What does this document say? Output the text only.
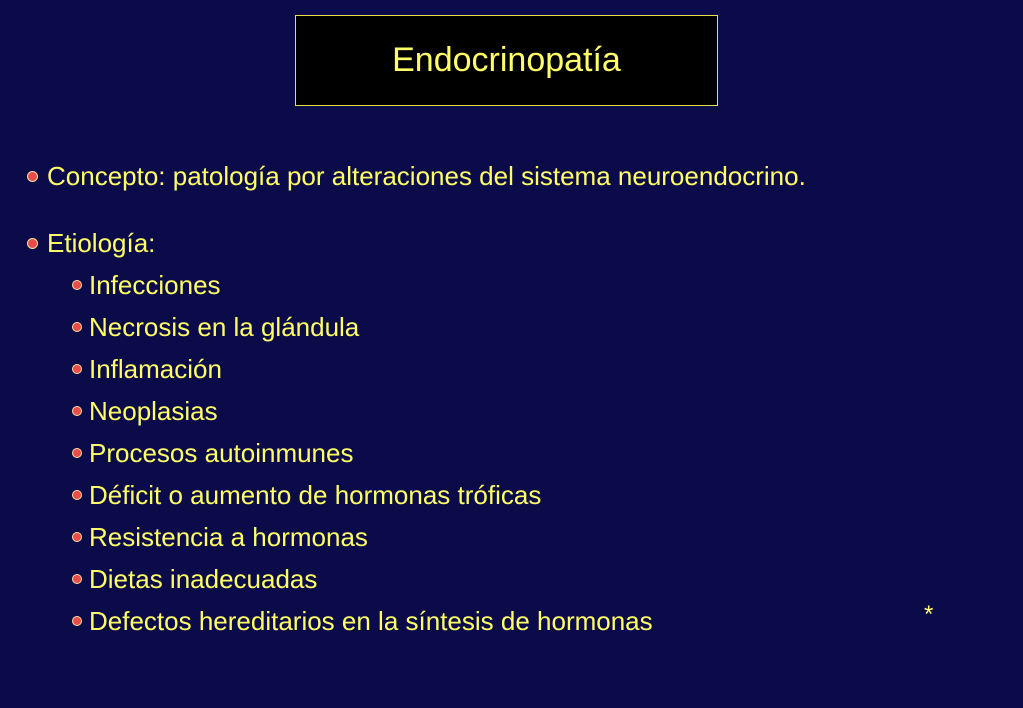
Endocrinopatía
Concepto: patología por alteraciones del sistema neuroendocrino.
Etiología:
Infecciones
Necrosis en la glándula
Inflamación
Neoplasias
Procesos autoinmunes
Déficit o aumento de hormonas tróficas
Resistencia a hormonas
Dietas inadecuadas
Defectos hereditarios en la síntesis de hormonas	*
